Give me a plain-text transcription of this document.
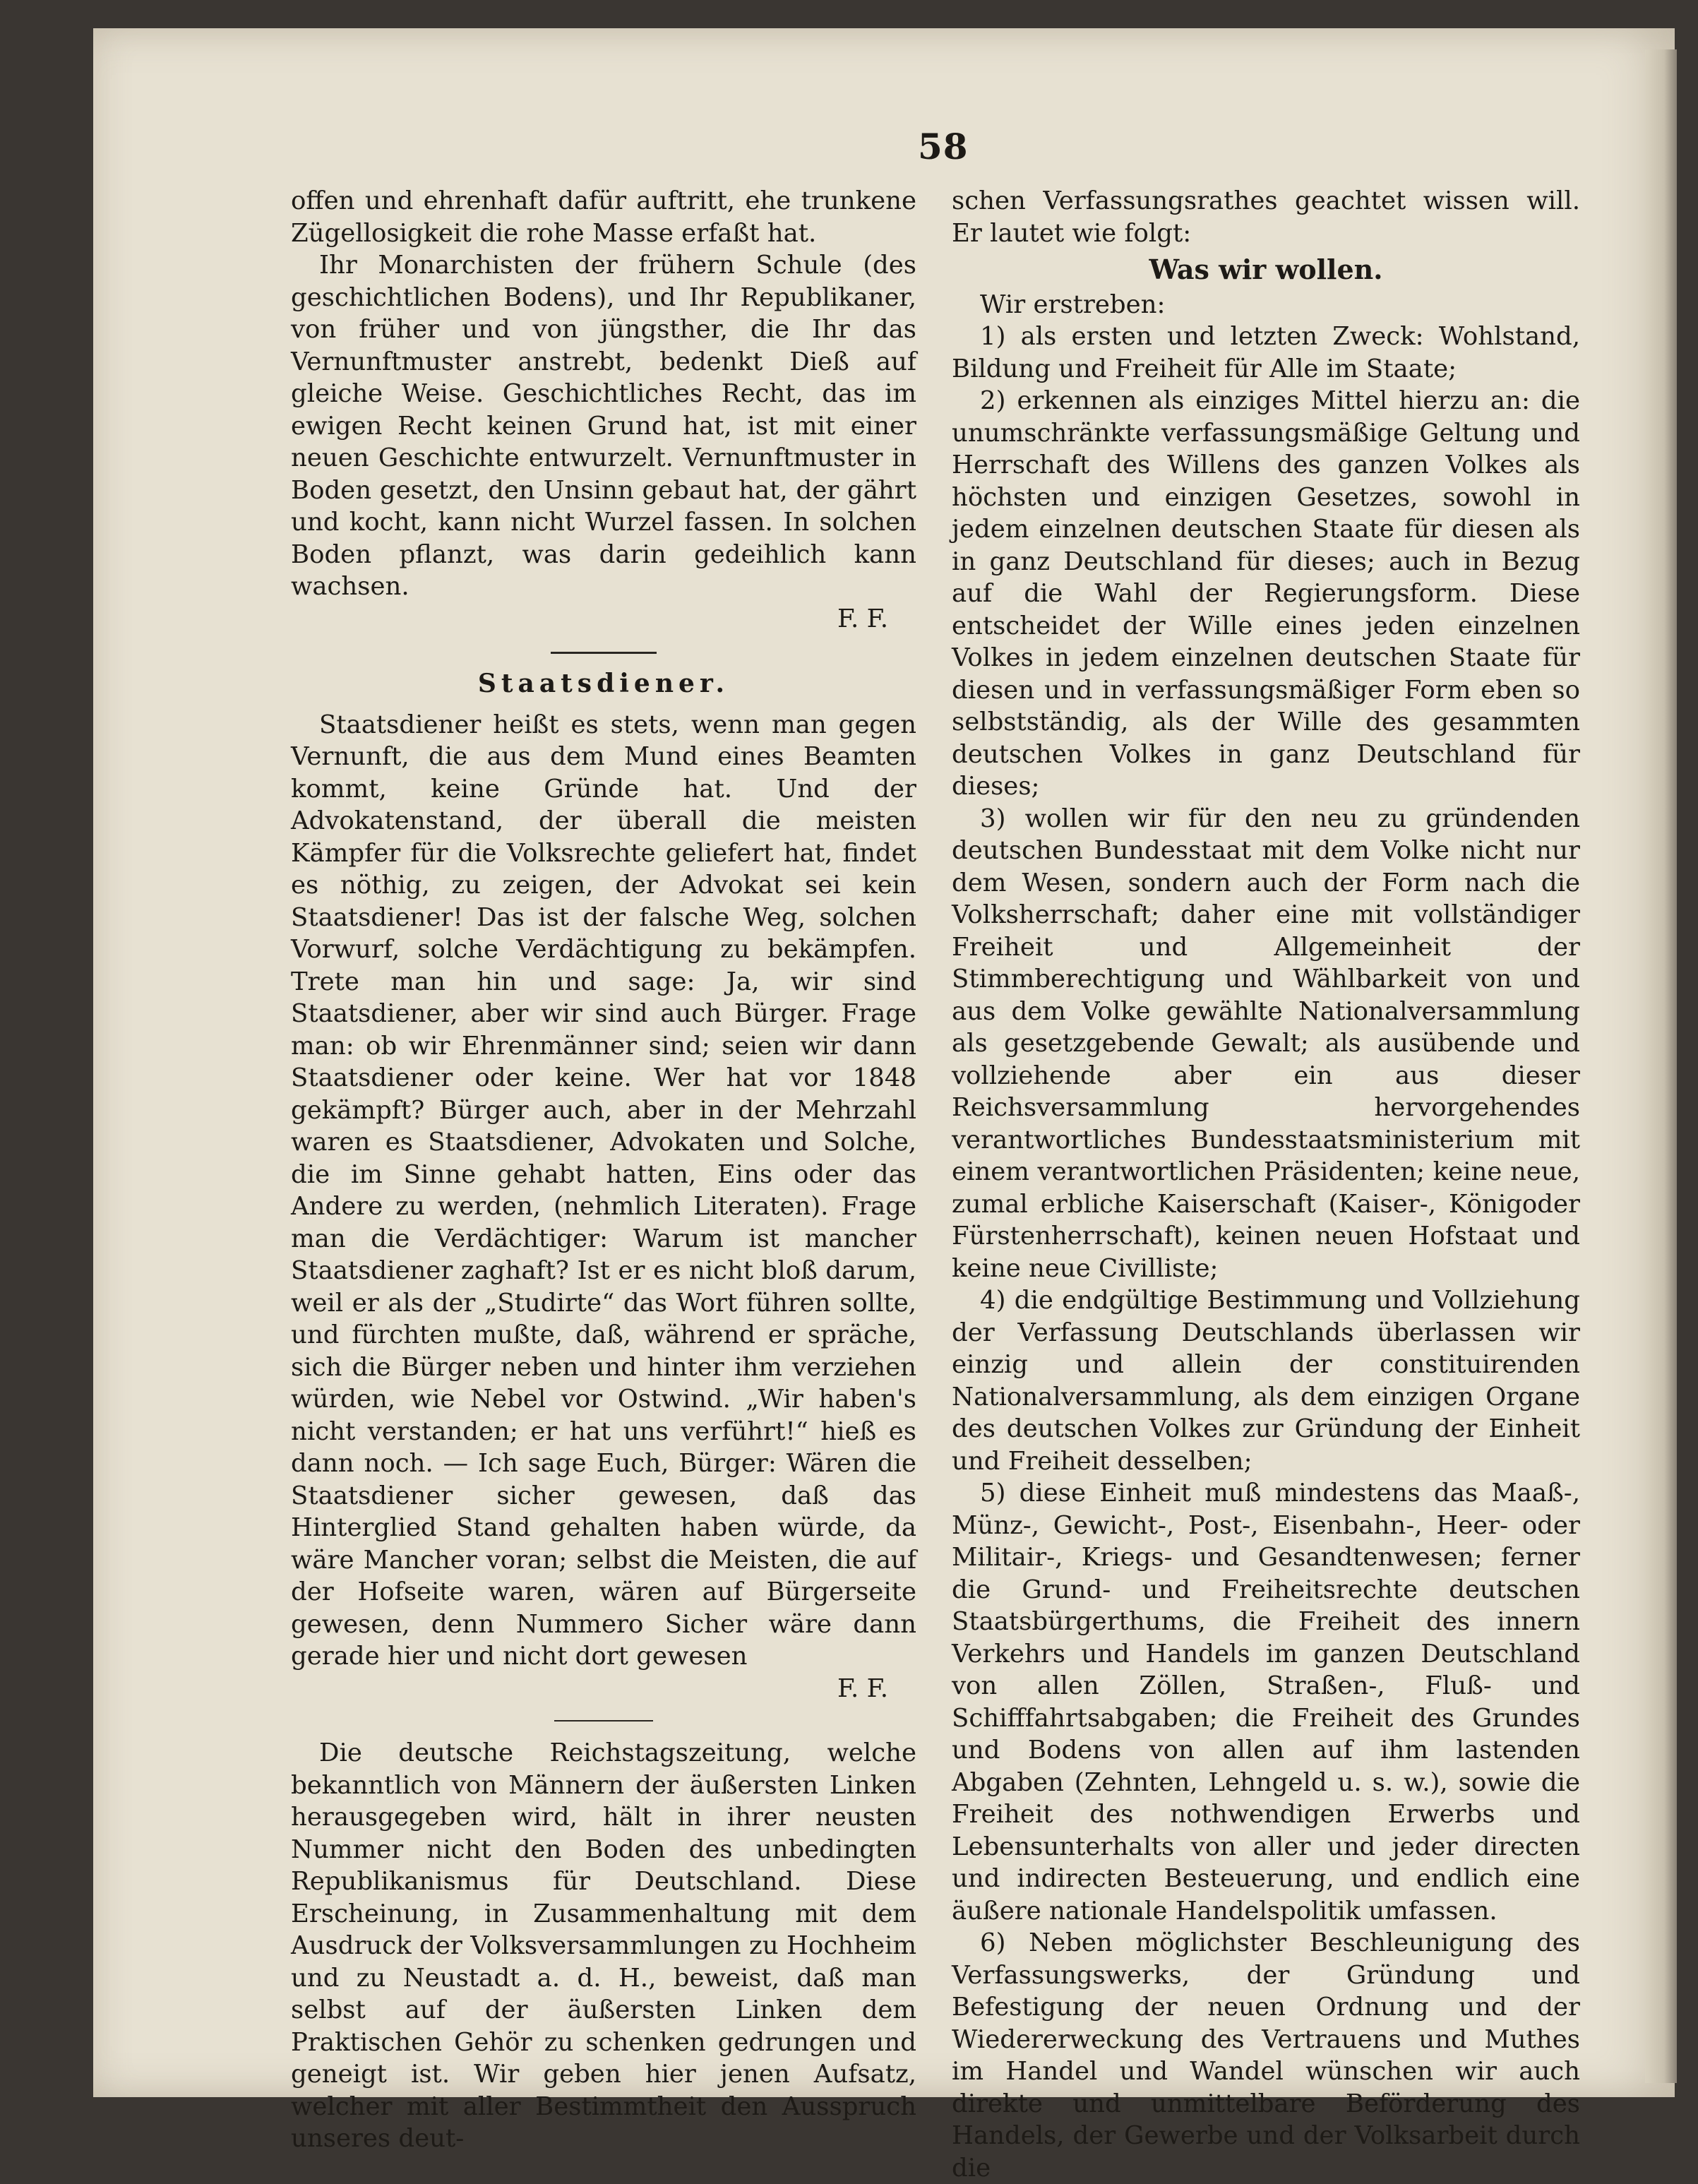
58

offen und ehrenhaft dafür auftritt, ehe trunkene Zügellosigkeit die rohe Masse erfaßt hat.

Ihr Monarchisten der frühern Schule (des geschichtlichen Bodens), und Ihr Republikaner, von früher und von jüngsther, die Ihr das Vernunftmuster anstrebt, bedenkt Dieß auf gleiche Weise. Geschichtliches Recht, das im ewigen Recht keinen Grund hat, ist mit einer neuen Geschichte entwurzelt. Vernunftmuster in Boden gesetzt, den Unsinn gebaut hat, der gährt und kocht, kann nicht Wurzel fassen. In solchen Boden pflanzt, was darin gedeihlich kann wachsen.

F. F.

Staatsdiener.

Staatsdiener heißt es stets, wenn man gegen Vernunft, die aus dem Mund eines Beamten kommt, keine Gründe hat. Und der Advokatenstand, der überall die meisten Kämpfer für die Volksrechte geliefert hat, findet es nöthig, zu zeigen, der Advokat sei kein Staatsdiener! Das ist der falsche Weg, solchen Vorwurf, solche Verdächtigung zu bekämpfen. Trete man hin und sage: Ja, wir sind Staatsdiener, aber wir sind auch Bürger. Frage man: ob wir Ehrenmänner sind; seien wir dann Staatsdiener oder keine. Wer hat vor 1848 gekämpft? Bürger auch, aber in der Mehrzahl waren es Staatsdiener, Advokaten und Solche, die im Sinne gehabt hatten, Eins oder das Andere zu werden, (nehmlich Literaten). Frage man die Verdächtiger: Warum ist mancher Staatsdiener zaghaft? Ist er es nicht bloß darum, weil er als der „Studirte“ das Wort führen sollte, und fürchten mußte, daß, während er spräche, sich die Bürger neben und hinter ihm verziehen würden, wie Nebel vor Ostwind. „Wir haben's nicht verstanden; er hat uns verführt!“ hieß es dann noch. — Ich sage Euch, Bürger: Wären die Staatsdiener sicher gewesen, daß das Hinterglied Stand gehalten haben würde, da wäre Mancher voran; selbst die Meisten, die auf der Hofseite waren, wären auf Bürgerseite gewesen, denn Nummero Sicher wäre dann gerade hier und nicht dort gewesen

F. F.

Die deutsche Reichstagszeitung, welche bekanntlich von Männern der äußersten Linken herausgegeben wird, hält in ihrer neusten Nummer nicht den Boden des unbedingten Republikanismus für Deutschland. Diese Erscheinung, in Zusammenhaltung mit dem Ausdruck der Volksversammlungen zu Hochheim und zu Neustadt a. d. H., beweist, daß man selbst auf der äußersten Linken dem Praktischen Gehör zu schenken gedrungen und geneigt ist. Wir geben hier jenen Aufsatz, welcher mit aller Bestimmtheit den Ausspruch unseres deut-

schen Verfassungsrathes geachtet wissen will. Er lautet wie folgt:

Was wir wollen.

Wir erstreben:

1) als ersten und letzten Zweck: Wohlstand, Bildung und Freiheit für Alle im Staate;

2) erkennen als einziges Mittel hierzu an: die unumschränkte verfassungsmäßige Geltung und Herrschaft des Willens des ganzen Volkes als höchsten und einzigen Gesetzes, sowohl in jedem einzelnen deutschen Staate für diesen als in ganz Deutschland für dieses; auch in Bezug auf die Wahl der Regierungsform. Diese entscheidet der Wille eines jeden einzelnen Volkes in jedem einzelnen deutschen Staate für diesen und in verfassungsmäßiger Form eben so selbstständig, als der Wille des gesammten deutschen Volkes in ganz Deutschland für dieses;

3) wollen wir für den neu zu gründenden deutschen Bundesstaat mit dem Volke nicht nur dem Wesen, sondern auch der Form nach die Volksherrschaft; daher eine mit vollständiger Freiheit und Allgemeinheit der Stimmberechtigung und Wählbarkeit von und aus dem Volke gewählte Nationalversammlung als gesetzgebende Gewalt; als ausübende und vollziehende aber ein aus dieser Reichsversammlung hervorgehendes verantwortliches Bundesstaatsministerium mit einem verantwortlichen Präsidenten; keine neue, zumal erbliche Kaiserschaft (Kaiser-, Königoder Fürstenherrschaft), keinen neuen Hofstaat und keine neue Civilliste;

4) die endgültige Bestimmung und Vollziehung der Verfassung Deutschlands überlassen wir einzig und allein der constituirenden Nationalversammlung, als dem einzigen Organe des deutschen Volkes zur Gründung der Einheit und Freiheit desselben;

5) diese Einheit muß mindestens das Maaß-, Münz-, Gewicht-, Post-, Eisenbahn-, Heer- oder Militair-, Kriegs- und Gesandtenwesen; ferner die Grund- und Freiheitsrechte deutschen Staatsbürgerthums, die Freiheit des innern Verkehrs und Handels im ganzen Deutschland von allen Zöllen, Straßen-, Fluß- und Schifffahrtsabgaben; die Freiheit des Grundes und Bodens von allen auf ihm lastenden Abgaben (Zehnten, Lehngeld u. s. w.), sowie die Freiheit des nothwendigen Erwerbs und Lebensunterhalts von aller und jeder directen und indirecten Besteuerung, und endlich eine äußere nationale Handelspolitik umfassen.

6) Neben möglichster Beschleunigung des Verfassungswerks, der Gründung und Befestigung der neuen Ordnung und der Wiedererweckung des Vertrauens und Muthes im Handel und Wandel wünschen wir auch direkte und unmittelbare Beförderung des Handels, der Gewerbe und der Volksarbeit durch die
